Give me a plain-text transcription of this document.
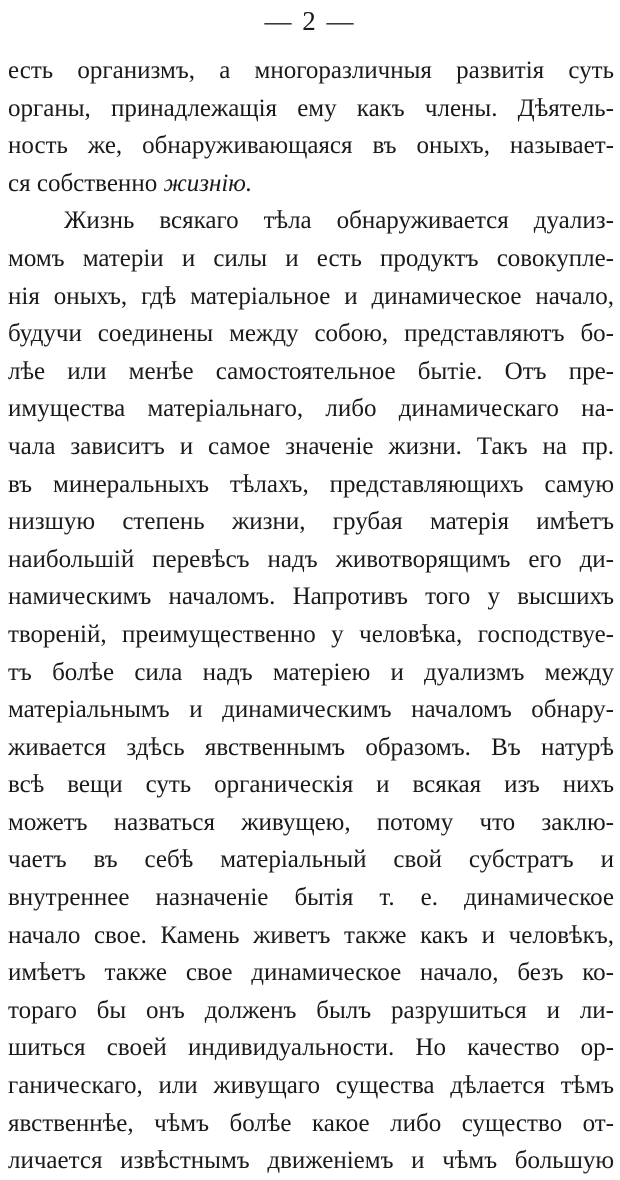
— 2 —
есть организмъ, а многоразличныя развитія суть
органы, принадлежащія ему какъ члены. Дѣятель-
ность же, обнаруживающаяся въ оныхъ, называет-
ся собственно жизнію.
Жизнь всякаго тѣла обнаруживается дуализ-
момъ матеріи и силы и есть продуктъ совокупле-
нія оныхъ, гдѣ матеріальное и динамическое начало,
будучи соединены между собою, представляютъ бо-
лѣе или менѣе самостоятельное бытіе. Отъ пре-
имущества матеріальнаго, либо динамическаго на-
чала зависитъ и самое значеніе жизни. Такъ на пр.
въ минеральныхъ тѣлахъ, представляющихъ самую
низшую степень жизни, грубая матерія имѣетъ
наибольшій перевѣсъ надъ животворящимъ его ди-
намическимъ началомъ. Напротивъ того у высшихъ
твореній, преимущественно у человѣка, господствуе-
тъ болѣе сила надъ матеріею и дуализмъ между
матеріальнымъ и динамическимъ началомъ обнару-
живается здѣсь явственнымъ образомъ. Въ натурѣ
всѣ вещи суть органическія и всякая изъ нихъ
можетъ назваться живущею, потому что заклю-
чаетъ въ себѣ матеріальный свой субстратъ и
внутреннее назначеніе бытія т. е. динамическое
начало свое. Камень живетъ также какъ и человѣкъ,
имѣетъ также свое динамическое начало, безъ ко-
тораго бы онъ долженъ былъ разрушиться и ли-
шиться своей индивидуальности. Но качество ор-
ганическаго, или живущаго существа дѣлается тѣмъ
явственнѣе, чѣмъ болѣе какое либо существо от-
личается извѣстнымъ движеніемъ и чѣмъ большую
